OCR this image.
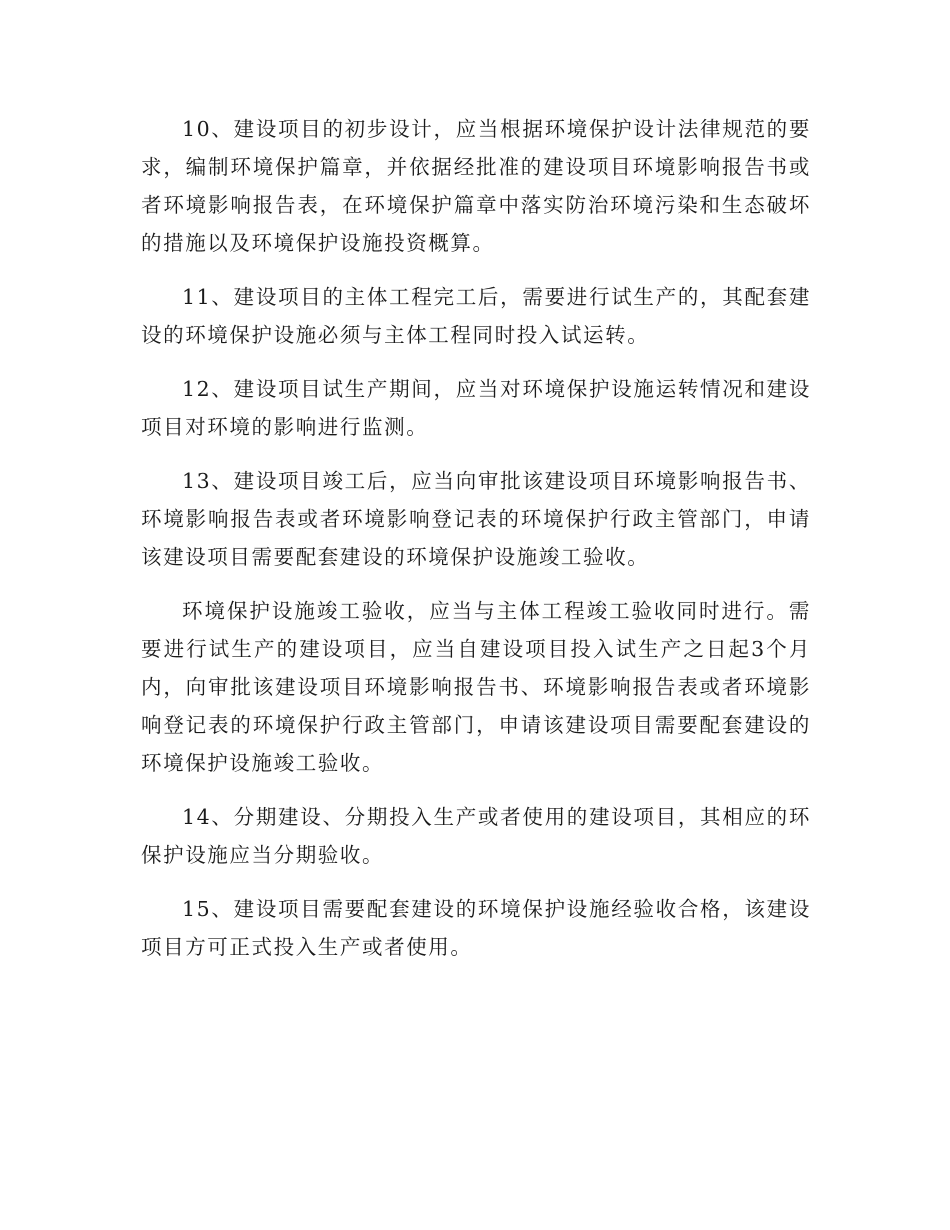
10、建设项目的初步设计，应当根据环境保护设计法律规范的要求，编制环境保护篇章，并依据经批准的建设项目环境影响报告书或者环境影响报告表，在环境保护篇章中落实防治环境污染和生态破坏的措施以及环境保护设施投资概算。

11、建设项目的主体工程完工后，需要进行试生产的，其配套建设的环境保护设施必须与主体工程同时投入试运转。

12、建设项目试生产期间，应当对环境保护设施运转情况和建设项目对环境的影响进行监测。

13、建设项目竣工后，应当向审批该建设项目环境影响报告书、环境影响报告表或者环境影响登记表的环境保护行政主管部门，申请该建设项目需要配套建设的环境保护设施竣工验收。

环境保护设施竣工验收，应当与主体工程竣工验收同时进行。需要进行试生产的建设项目，应当自建设项目投入试生产之日起3个月内，向审批该建设项目环境影响报告书、环境影响报告表或者环境影响登记表的环境保护行政主管部门，申请该建设项目需要配套建设的环境保护设施竣工验收。

14、分期建设、分期投入生产或者使用的建设项目，其相应的环保护设施应当分期验收。

15、建设项目需要配套建设的环境保护设施经验收合格，该建设项目方可正式投入生产或者使用。
